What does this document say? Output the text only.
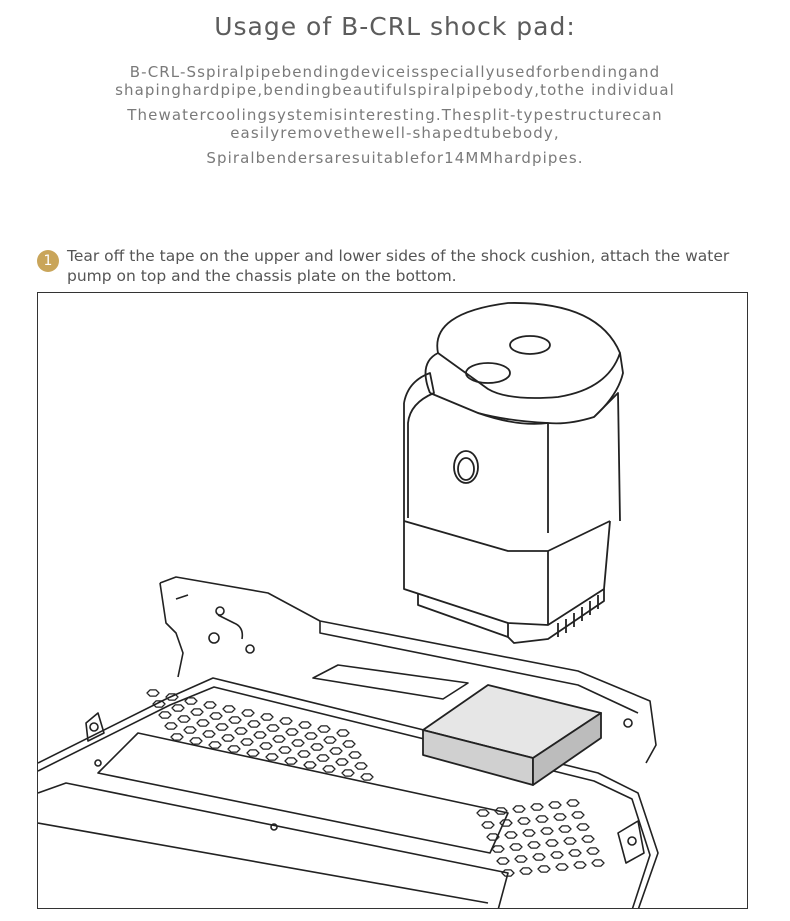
Usage of B-CRL shock pad:

B-CRL-Sspiralpipebendingdeviceisspeciallyusedforbendingand shapinghardpipe,bendingbeautifulspiralpipebody,tothe individual

Thewatercoolingsystemisinteresting.Thesplit-typestructurecan easilyremovethewell-shapedtubebody,

Spiralbendersaresuitablefor14MMhardpipes.

1 Tear off the tape on the upper and lower sides of the shock cushion, attach the water pump on top and the chassis plate on the bottom.
